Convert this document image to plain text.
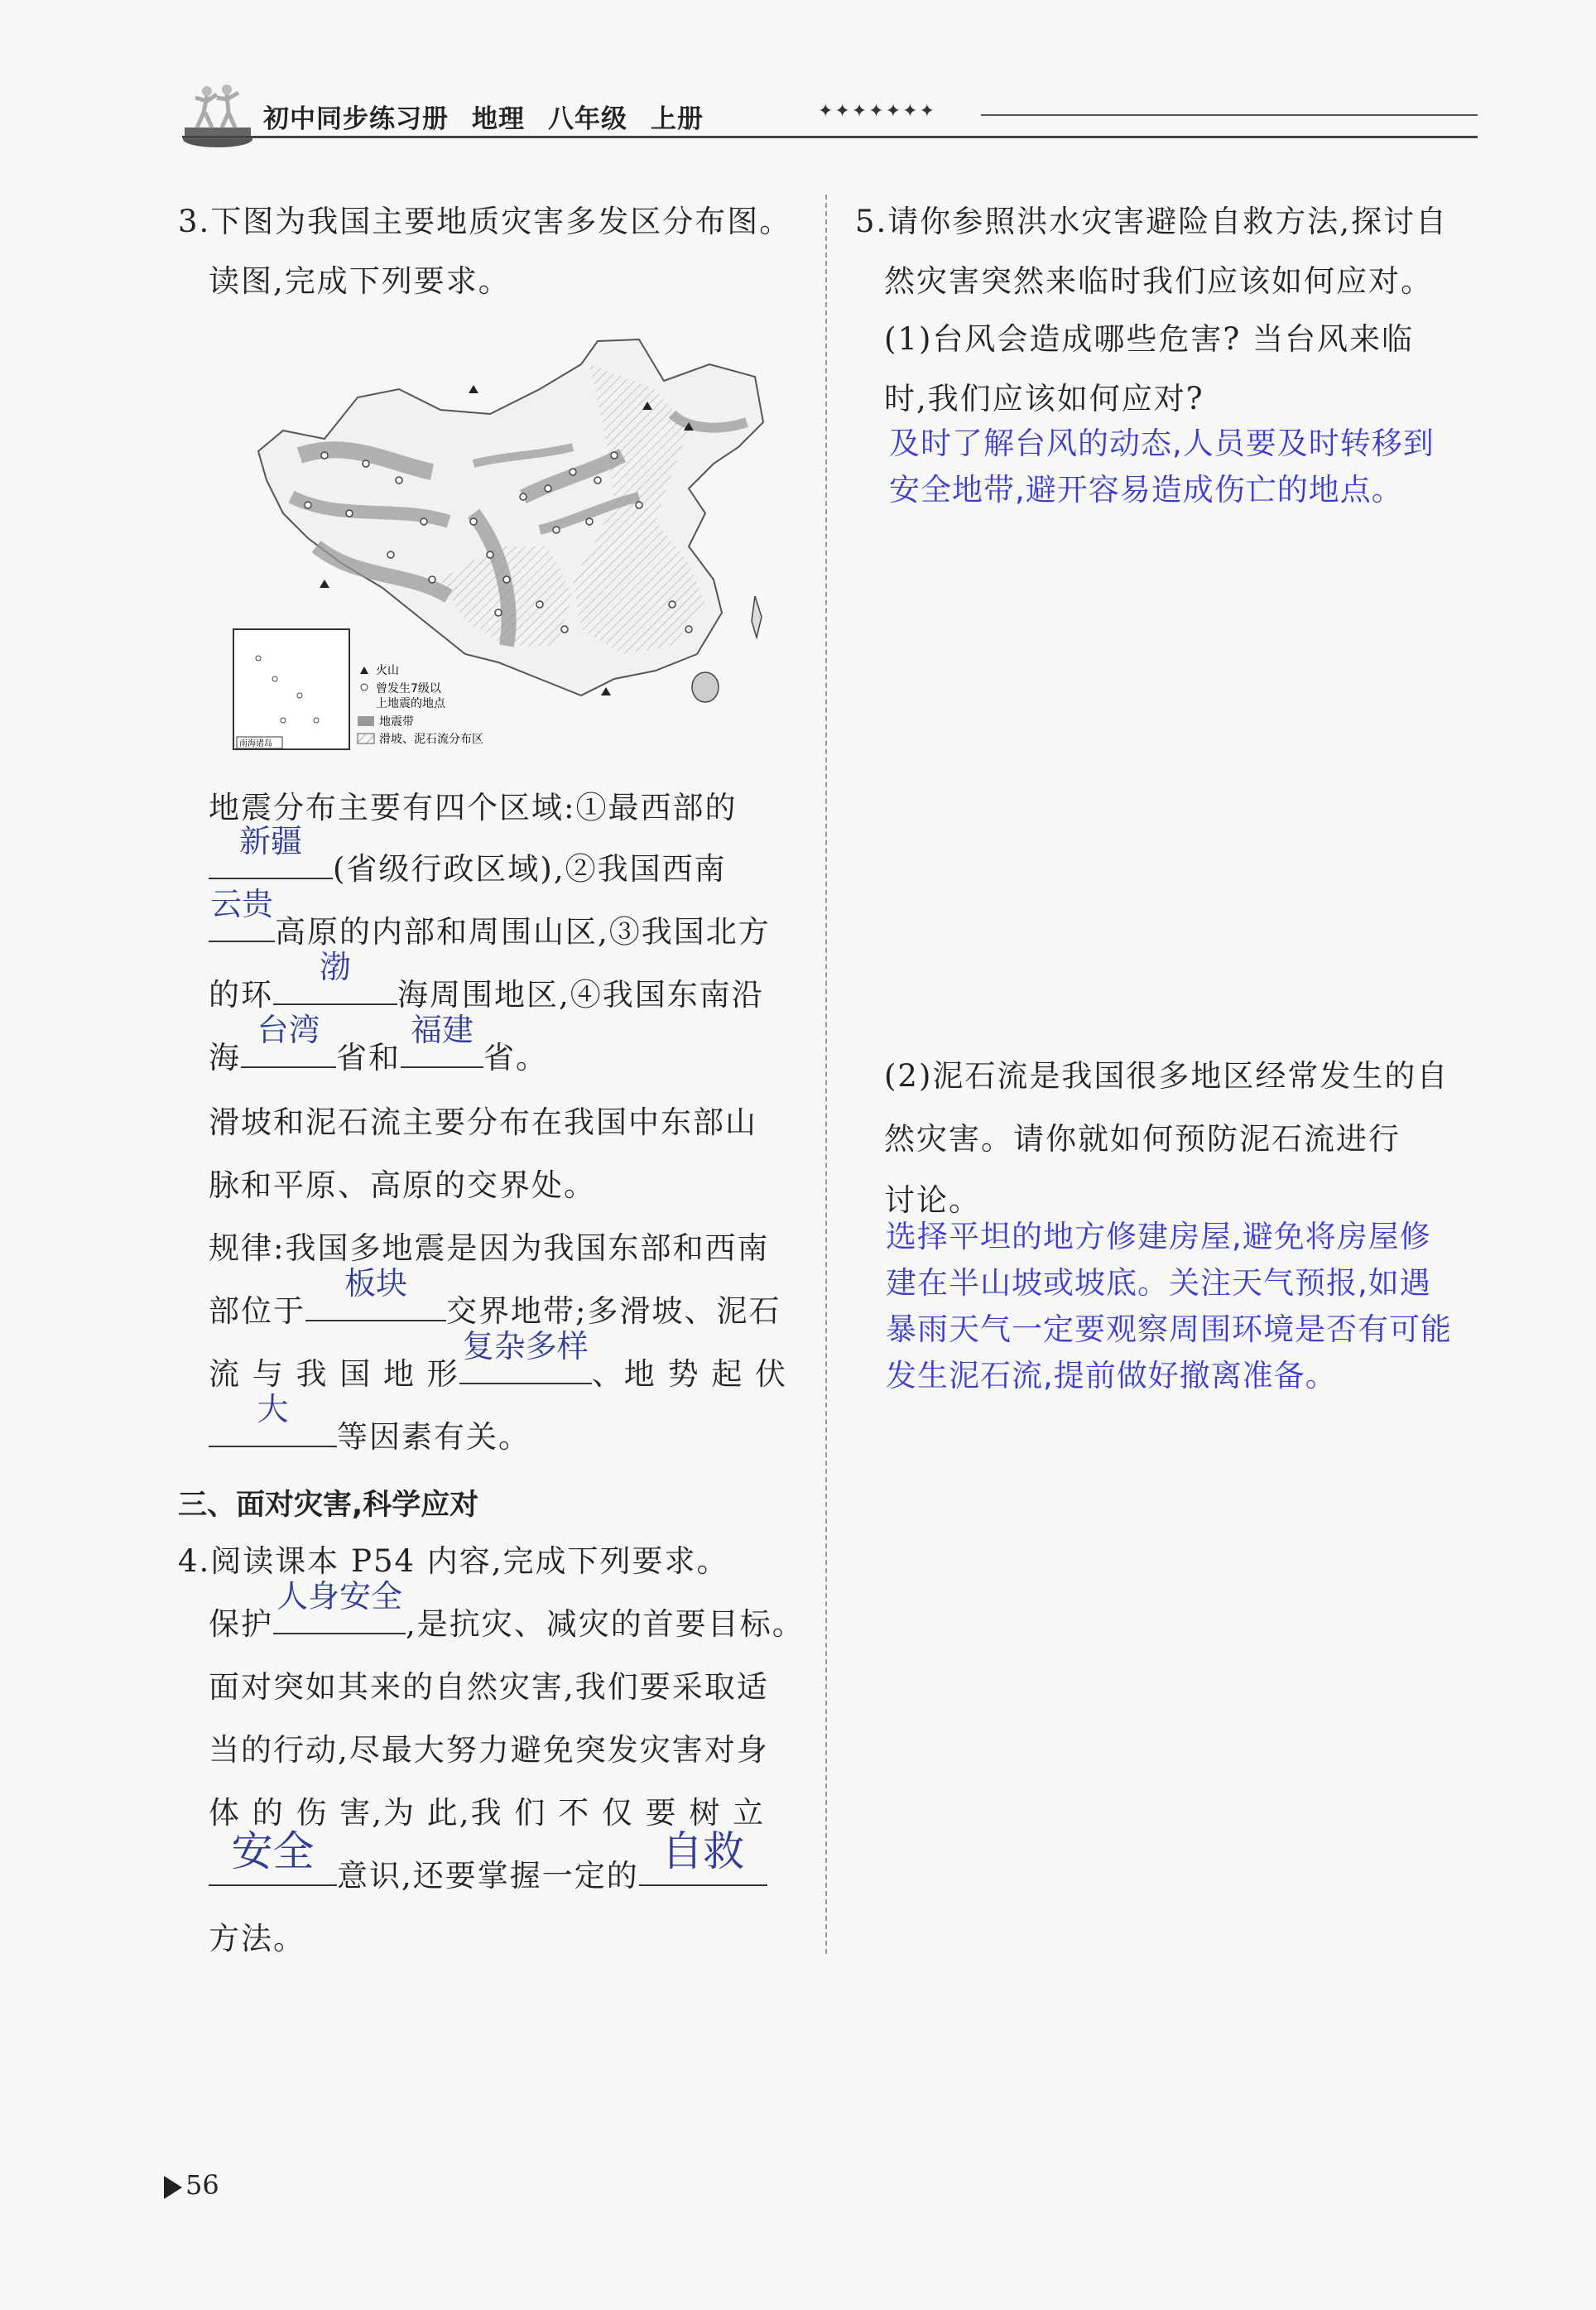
初中同步练习册 地理 八年级 上册	✦✦✦✦✦✦✦
3.下图为我国主要地质灾害多发区分布图。
读图,完成下列要求。
南海诸岛
火山
曾发生7级以
上地震的地点
地震带
滑坡、泥石流分布区
地震分布主要有四个区域:①最西部的
新疆
(省级行政区域),②我国西南
云贵
高原的内部和周围山区,③我国北方
的环
渤
海周围地区,④我国东南沿
海
台湾
省和
福建
省。
滑坡和泥石流主要分布在我国中东部山
脉和平原、高原的交界处。
规律:我国多地震是因为我国东部和西南
部位于
板块
交界地带;多滑坡、泥石
流 与 我 国 地 形
复杂多样
、地 势 起 伏
大
等因素有关。
三、面对灾害,科学应对
4.阅读课本 P54 内容,完成下列要求。
保护
人身安全
,是抗灾、减灾的首要目标。
面对突如其来的自然灾害,我们要采取适
当的行动,尽最大努力避免突发灾害对身
体 的 伤 害,为 此,我 们 不 仅 要 树 立
安全
意识,还要掌握一定的
自救
方法。
5.请你参照洪水灾害避险自救方法,探讨自
然灾害突然来临时我们应该如何应对。
(1)台风会造成哪些危害? 当台风来临
时,我们应该如何应对?
及时了解台风的动态,人员要及时转移到
安全地带,避开容易造成伤亡的地点。
(2)泥石流是我国很多地区经常发生的自
然灾害。请你就如何预防泥石流进行
讨论。
选择平坦的地方修建房屋,避免将房屋修
建在半山坡或坡底。关注天气预报,如遇
暴雨天气一定要观察周围环境是否有可能
发生泥石流,提前做好撤离准备。
56
